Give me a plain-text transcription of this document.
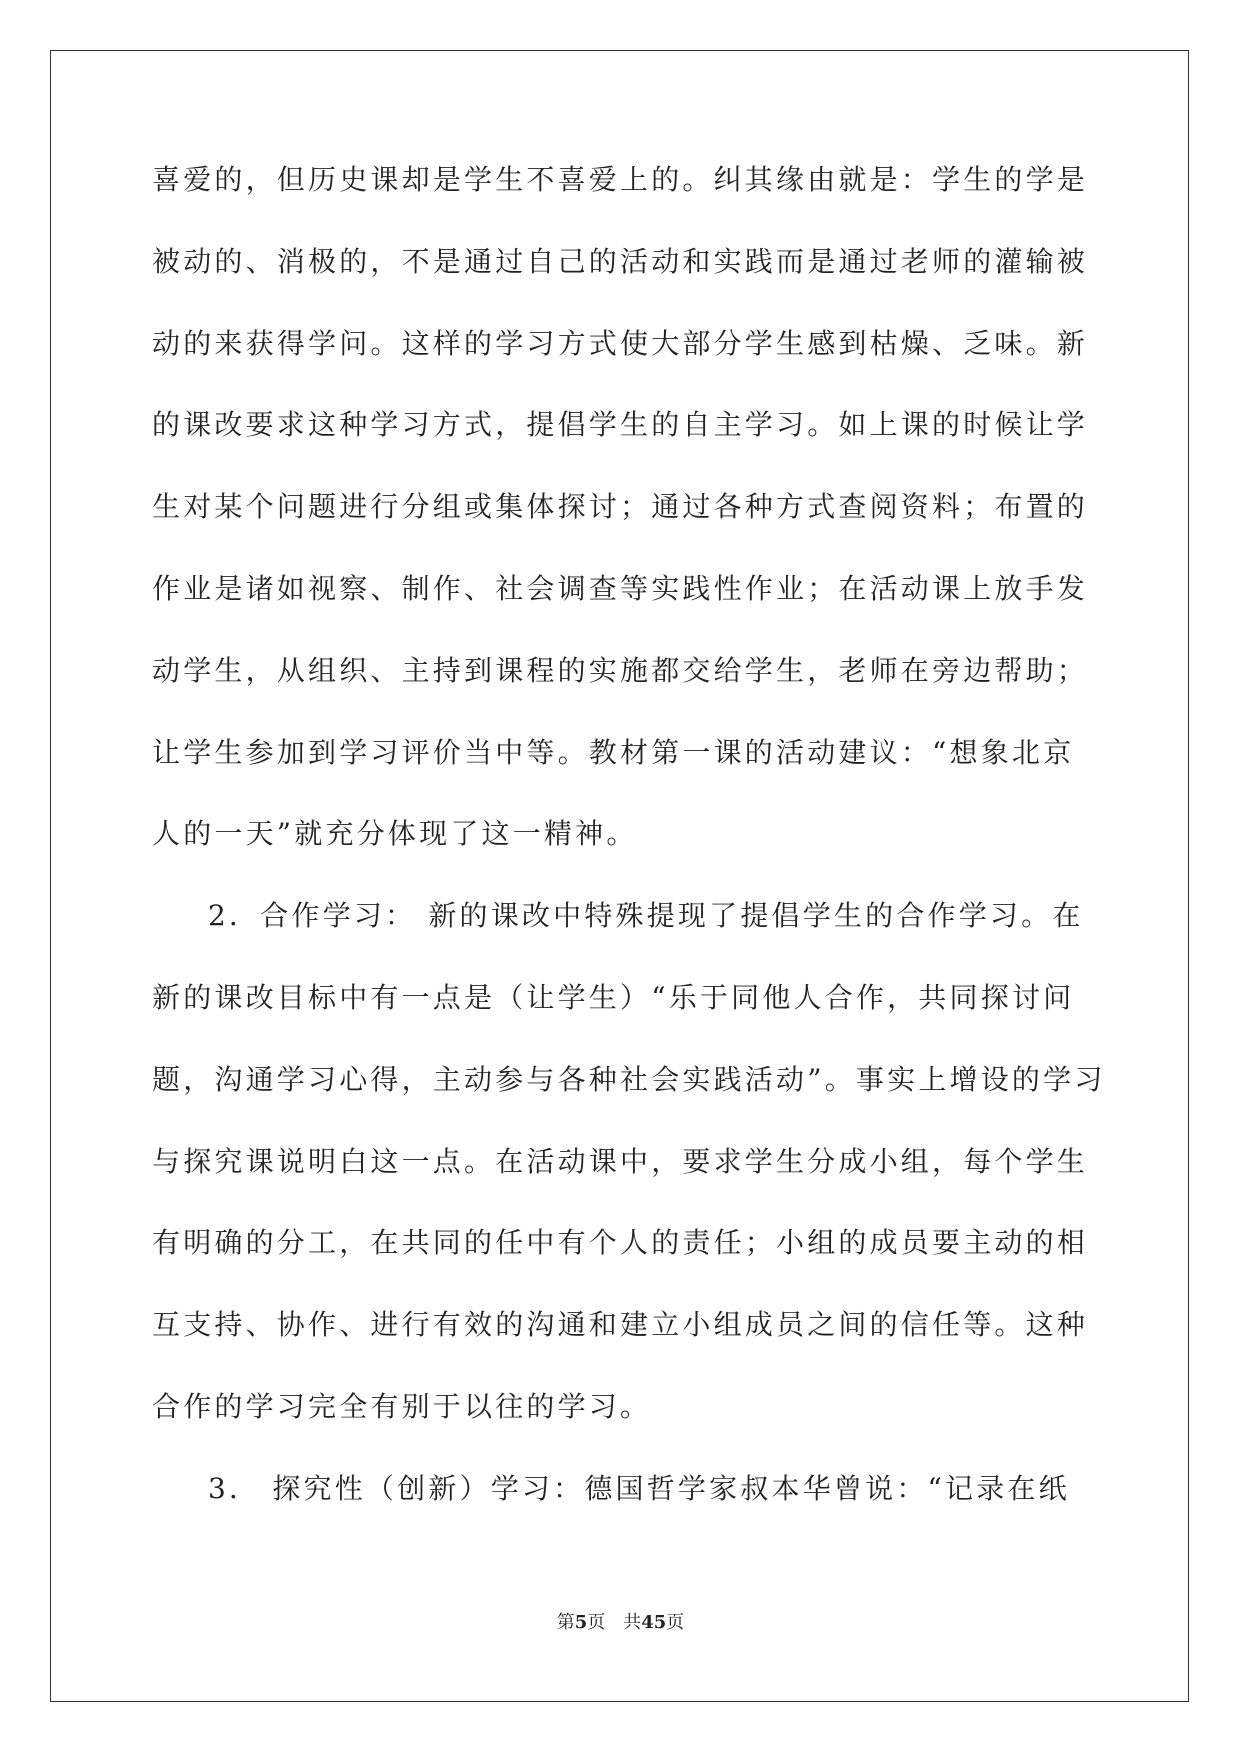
喜爱的，但历史课却是学生不喜爱上的。纠其缘由就是：学生的学是
被动的、消极的，不是通过自己的活动和实践而是通过老师的灌输被
动的来获得学问。这样的学习方式使大部分学生感到枯燥、乏味。新
的课改要求这种学习方式，提倡学生的自主学习。如上课的时候让学
生对某个问题进行分组或集体探讨；通过各种方式查阅资料；布置的
作业是诸如视察、制作、社会调查等实践性作业；在活动课上放手发
动学生，从组织、主持到课程的实施都交给学生，老师在旁边帮助；
让学生参加到学习评价当中等。教材第一课的活动建议：“想象北京
人的一天”就充分体现了这一精神。
2．合作学习： 新的课改中特殊提现了提倡学生的合作学习。在
新的课改目标中有一点是（让学生）“乐于同他人合作，共同探讨问
题，沟通学习心得，主动参与各种社会实践活动”。事实上增设的学习
与探究课说明白这一点。在活动课中，要求学生分成小组，每个学生
有明确的分工，在共同的任中有个人的责任；小组的成员要主动的相
互支持、协作、进行有效的沟通和建立小组成员之间的信任等。这种
合作的学习完全有别于以往的学习。
3． 探究性（创新）学习：德国哲学家叔本华曾说：“记录在纸
第5页　共45页
